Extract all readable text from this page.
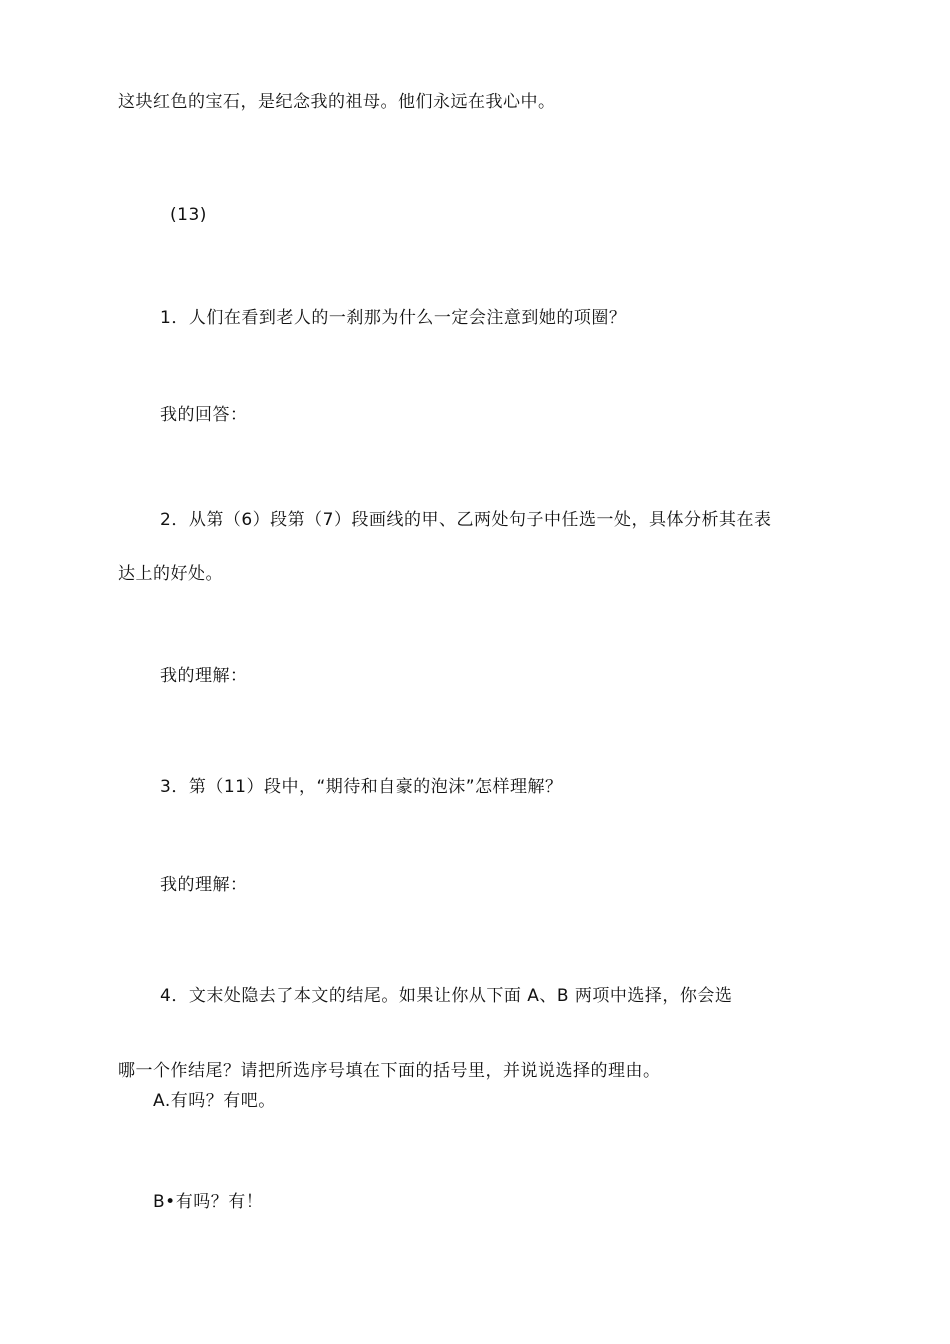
这块红色的宝石，是纪念我的祖母。他们永远在我心中。
(13)
1．人们在看到老人的一刹那为什么一定会注意到她的项圈？
我的回答：
2．从第（6）段第（7）段画线的甲、乙两处句子中任选一处，具体分析其在表
达上的好处。
我的理解：
3．第（11）段中，“期待和自豪的泡沫”怎样理解？
我的理解：
4．文末处隐去了本文的结尾。如果让你从下面 A、B 两项中选择，你会选
哪一个作结尾？请把所选序号填在下面的括号里，并说说选择的理由。
A.有吗？有吧。
B•有吗？有！
